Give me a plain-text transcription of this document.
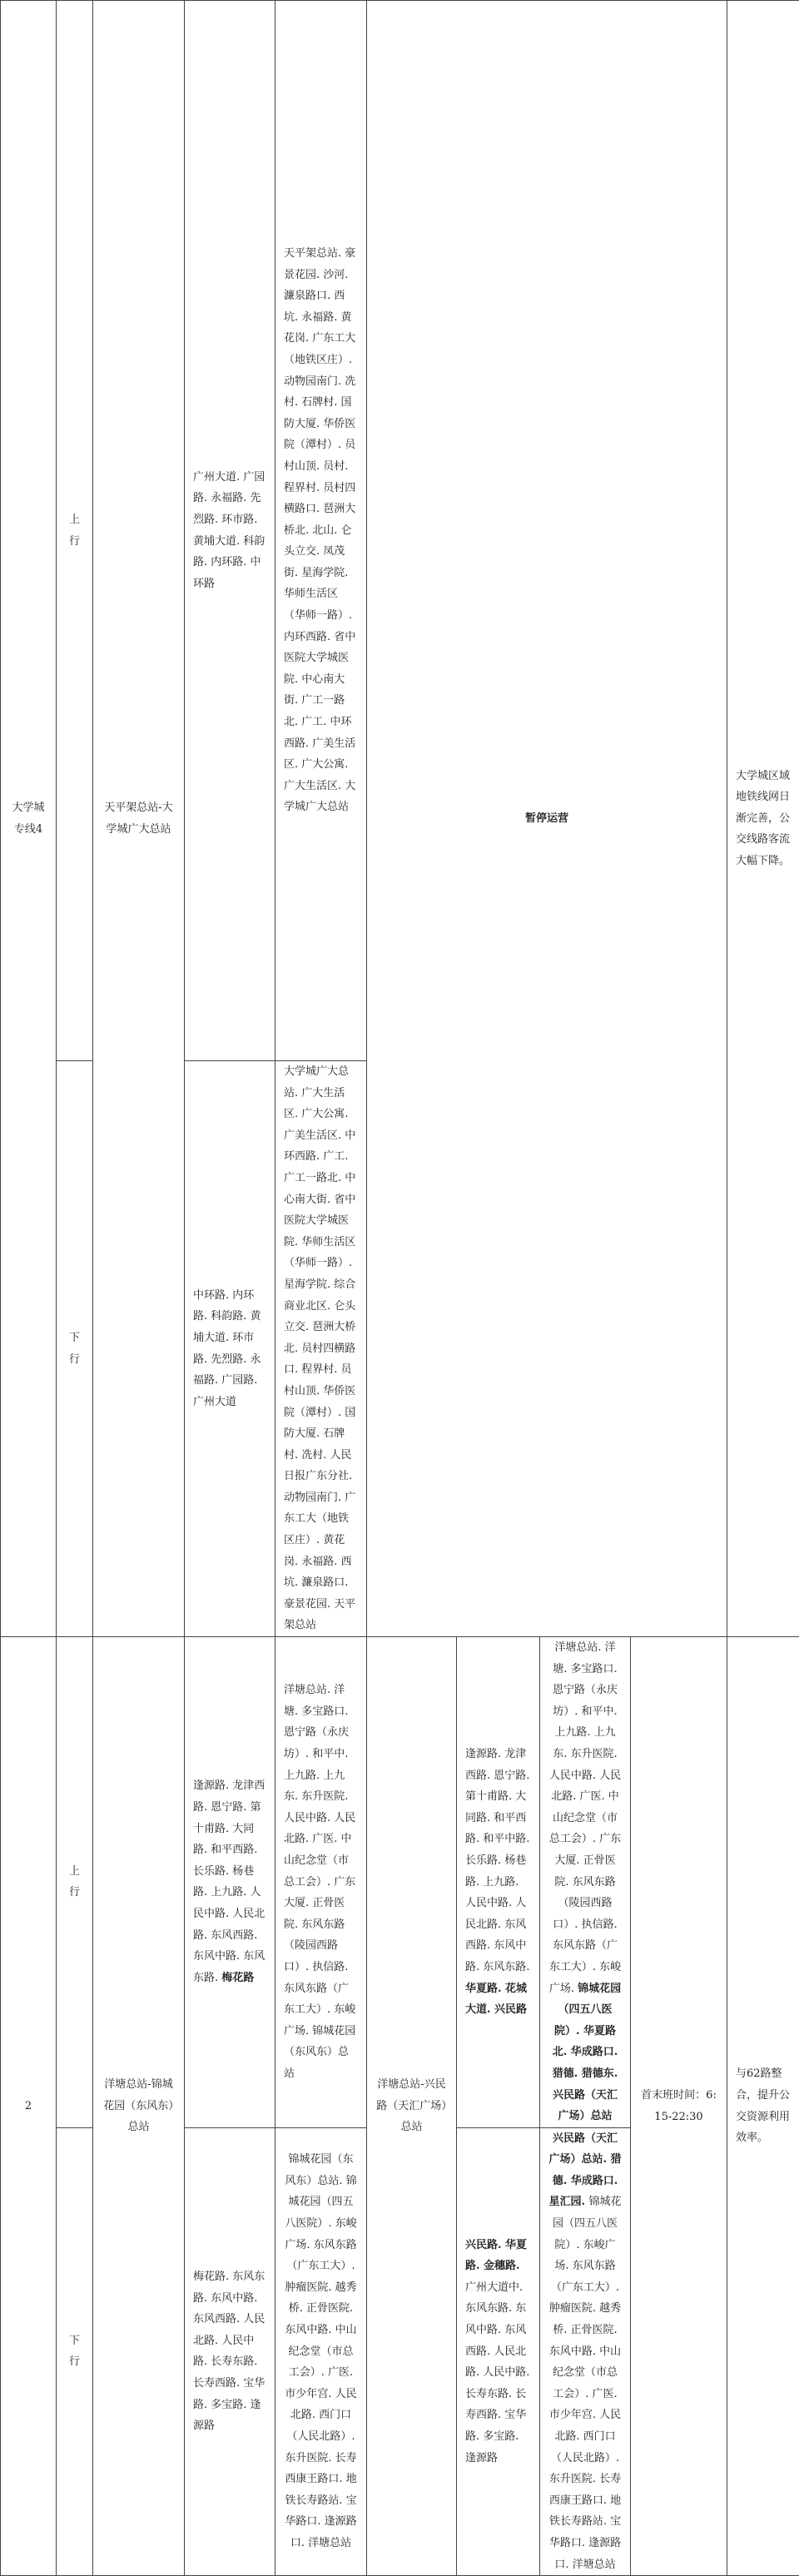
大学城专线4	上行	天平架总站-大学城广大总站	广州大道. 广园路. 永福路. 先烈路. 环市路. 黄埔大道. 科韵路. 内环路. 中环路	天平架总站. 豪景花园. 沙河. 濂泉路口. 西坑. 永福路. 黄花岗. 广东工大（地铁区庄）. 动物园南门. 冼村. 石牌村. 国防大厦. 华侨医院（潭村）. 员村山顶. 员村. 程界村. 员村四横路口. 琶洲大桥北. 北山. 仑头立交. 凤茂街. 星海学院. 华师生活区（华师一路）. 内环西路. 省中医院大学城医院. 中心南大街. 广工一路北. 广工. 中环西路. 广美生活区. 广大公寓. 广大生活区. 大学城广大总站	暂停运营				大学城区域地铁线网日渐完善，公交线路客流大幅下降。
	下行		中环路. 内环路. 科韵路. 黄埔大道. 环市路. 先烈路. 永福路. 广园路. 广州大道	大学城广大总站. 广大生活区. 广大公寓. 广美生活区. 中环西路. 广工. 广工一路北. 中心南大街. 省中医院大学城医院. 华师生活区（华师一路）. 星海学院. 综合商业北区. 仑头立交. 琶洲大桥北. 员村四横路口. 程界村. 员村山顶. 华侨医院（潭村）. 国防大厦. 石牌村. 冼村. 人民日报广东分社. 动物园南门. 广东工大（地铁区庄）. 黄花岗. 永福路. 西坑. 濂泉路口. 豪景花园. 天平架总站					
2	上行	洋塘总站-锦城花园（东风东）总站	逢源路. 龙津西路. 恩宁路. 第十甫路. 大同路. 和平西路. 长乐路. 杨巷路. 上九路. 人民中路. 人民北路. 东风西路. 东风中路. 东风东路. 梅花路	洋塘总站. 洋塘. 多宝路口. 恩宁路（永庆坊）. 和平中. 上九路. 上九东. 东升医院. 人民中路. 人民北路. 广医. 中山纪念堂（市总工会）. 广东大厦. 正骨医院. 东风东路（陵园西路口）. 执信路. 东风东路（广东工大）. 东峻广场. 锦城花园（东风东）总站	洋塘总站-兴民路（天汇广场）总站	逢源路. 龙津西路. 恩宁路. 第十甫路. 大同路. 和平西路. 和平中路. 长乐路. 杨巷路. 上九路. 人民中路. 人民北路. 东风西路. 东风中路. 东风东路. 华夏路. 花城大道. 兴民路	洋塘总站. 洋塘. 多宝路口. 恩宁路（永庆坊）. 和平中. 上九路. 上九东. 东升医院. 人民中路. 人民北路. 广医. 中山纪念堂（市总工会）. 广东大厦. 正骨医院. 东风东路（陵园西路口）. 执信路. 东风东路（广东工大）. 东峻广场. 锦城花园（四五八医院）. 华夏路北. 华成路口. 猎德. 猎德东. 兴民路（天汇广场）总站	首末班时间：6:15-22:30	与62路整合，提升公交资源利用效率。
	下行		梅花路. 东风东路. 东风中路. 东风西路. 人民北路. 人民中路. 长寿东路. 长寿西路. 宝华路. 多宝路. 逢源路	锦城花园（东风东）总站. 锦城花园（四五八医院）. 东峻广场. 东风东路（广东工大）. 肿瘤医院. 越秀桥. 正骨医院. 东风中路. 中山纪念堂（市总工会）. 广医. 市少年宫. 人民北路. 西门口（人民北路）. 东升医院. 长寿西康王路口. 地铁长寿路站. 宝华路口. 逢源路口. 洋塘总站		兴民路. 华夏路. 金穗路. 广州大道中. 东风东路. 东风中路. 东风西路. 人民北路. 人民中路. 长寿东路. 长寿西路. 宝华路. 多宝路. 逢源路	兴民路（天汇广场）总站. 猎德. 华成路口. 星汇园. 锦城花园（四五八医院）. 东峻广场. 东风东路（广东工大）. 肿瘤医院. 越秀桥. 正骨医院. 东风中路. 中山纪念堂（市总工会）. 广医. 市少年宫. 人民北路. 西门口（人民北路）. 东升医院. 长寿西康王路口. 地铁长寿路站. 宝华路口. 逢源路口. 洋塘总站		
